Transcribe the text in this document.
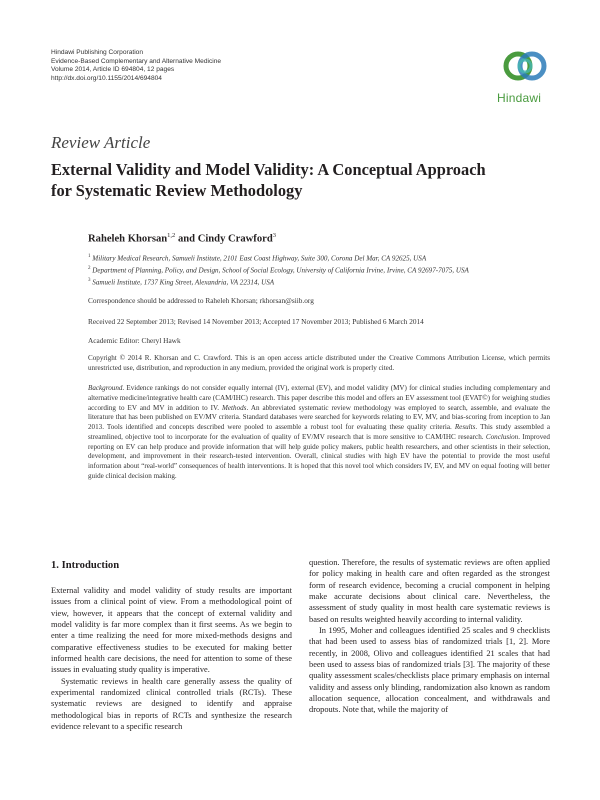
Hindawi Publishing Corporation
Evidence-Based Complementary and Alternative Medicine
Volume 2014, Article ID 694804, 12 pages
http://dx.doi.org/10.1155/2014/694804
Hindawi
Review Article
External Validity and Model Validity: A Conceptual Approach
for Systematic Review Methodology
Raheleh Khorsan$^{1,2}$ and Cindy Crawford$^3$
$^1$ Military Medical Research, Samueli Institute, 2101 East Coast Highway, Suite 300, Corona Del Mar, CA 92625, USA
$^2$ Department of Planning, Policy, and Design, School of Social Ecology, University of California Irvine, Irvine, CA 92697-7075, USA
$^3$ Samueli Institute, 1737 King Street, Alexandria, VA 22314, USA
Correspondence should be addressed to Raheleh Khorsan; rkhorsan@siib.org
Received 22 September 2013; Revised 14 November 2013; Accepted 17 November 2013; Published 6 March 2014
Academic Editor: Cheryl Hawk
Copyright © 2014 R. Khorsan and C. Crawford. This is an open access article distributed under the Creative Commons Attribution License, which permits unrestricted use, distribution, and reproduction in any medium, provided the original work is properly cited.
Background. Evidence rankings do not consider equally internal (IV), external (EV), and model validity (MV) for clinical studies including complementary and alternative medicine/integrative health care (CAM/IHC) research. This paper describe this model and offers an EV assessment tool (EVAT©) for weighing studies according to EV and MV in addition to IV. Methods. An abbreviated systematic review methodology was employed to search, assemble, and evaluate the literature that has been published on EV/MV criteria. Standard databases were searched for keywords relating to EV, MV, and bias-scoring from inception to Jan 2013. Tools identified and concepts described were pooled to assemble a robust tool for evaluating these quality criteria. Results. This study assembled a streamlined, objective tool to incorporate for the evaluation of quality of EV/MV research that is more sensitive to CAM/IHC research. Conclusion. Improved reporting on EV can help produce and provide information that will help guide policy makers, public health researchers, and other scientists in their selection, development, and improvement in their research-tested intervention. Overall, clinical studies with high EV have the potential to provide the most useful information about “real-world” consequences of health interventions. It is hoped that this novel tool which considers IV, EV, and MV on equal footing will better guide clinical decision making.
1. Introduction

External validity and model validity of study results are important issues from a clinical point of view. From a methodological point of view, however, it appears that the concept of external validity and model validity is far more complex than it first seems. As we begin to enter a time realizing the need for more mixed-methods designs and comparative effectiveness studies to be executed for making better informed health care decisions, the need for attention to some of these issues in evaluating study quality is imperative.

Systematic reviews in health care generally assess the quality of experimental randomized clinical controlled trials (RCTs). These systematic reviews are designed to identify and appraise methodological bias in reports of RCTs and synthesize the research evidence relevant to a specific research

question. Therefore, the results of systematic reviews are often applied for policy making in health care and often regarded as the strongest form of research evidence, becoming a crucial component in helping make accurate decisions about clinical care. Nevertheless, the assessment of study quality in most health care systematic reviews is based on results weighted heavily according to internal validity.

In 1995, Moher and colleagues identified 25 scales and 9 checklists that had been used to assess bias of randomized trials [1, 2]. More recently, in 2008, Olivo and colleagues identified 21 scales that had been used to assess bias of randomized trials [3]. The majority of these quality assessment scales/checklists place primary emphasis on internal validity and assess only blinding, randomization also known as random allocation sequence, allocation concealment, and withdrawals and dropouts. Note that, while the majority of
